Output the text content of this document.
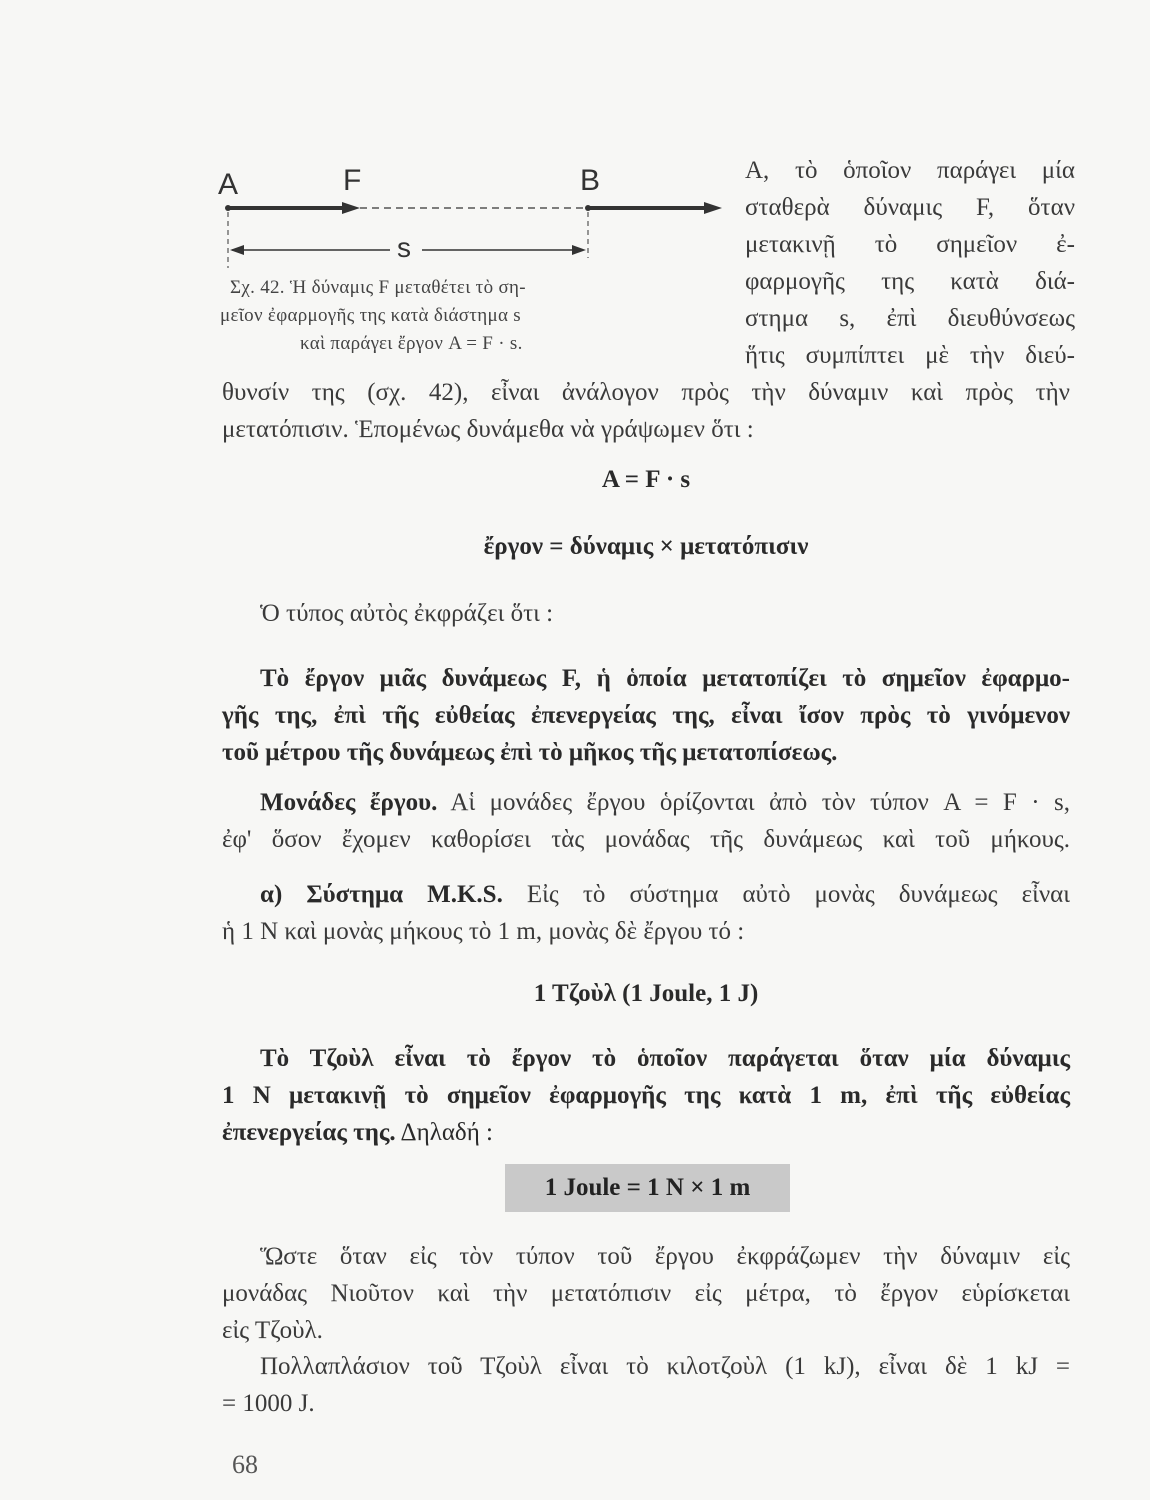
A	F	B
s
Σχ. 42. Ἡ δύναμις F μεταθέτει τὸ ση-
μεῖον ἐφαρμογῆς της κατὰ διάστημα s
καὶ παράγει ἔργον A = F · s.
A, τὸ ὁποῖον παράγει μία
σταθερὰ δύναμις F, ὅταν
μετακινῇ τὸ σημεῖον ἐ-
φαρμογῆς της κατὰ διά-
στημα s, ἐπὶ διευθύνσεως
ἥτις συμπίπτει μὲ τὴν διεύ-
θυνσίν της (σχ. 42), εἶναι ἀνάλογον πρὸς τὴν δύναμιν καὶ πρὸς τὴν
μετατόπισιν. Ἑπομένως δυνάμεθα νὰ γράψωμεν ὅτι :
A = F · s
ἔργον = δύναμις × μετατόπισιν
Ὁ τύπος αὐτὸς ἐκφράζει ὅτι :
Τὸ ἔργον μιᾶς δυνάμεως F, ἡ ὁποία μετατοπίζει τὸ σημεῖον ἐφαρμο-
γῆς της, ἐπὶ τῆς εὐθείας ἐπενεργείας της, εἶναι ἴσον πρὸς τὸ γινόμενον
τοῦ μέτρου τῆς δυνάμεως ἐπὶ τὸ μῆκος τῆς μετατοπίσεως.
Μονάδες ἔργου. Αἱ μονάδες ἔργου ὁρίζονται ἀπὸ τὸν τύπον A = F · s,
ἐφ' ὅσον ἔχομεν καθορίσει τὰς μονάδας τῆς δυνάμεως καὶ τοῦ μήκους.
α) Σύστημα M.K.S. Εἰς τὸ σύστημα αὐτὸ μονὰς δυνάμεως εἶναι
ἡ 1 N καὶ μονὰς μήκους τὸ 1 m, μονὰς δὲ ἔργου τό :
1 Τζοὺλ (1 Joule, 1 J)
Τὸ Τζοὺλ εἶναι τὸ ἔργον τὸ ὁποῖον παράγεται ὅταν μία δύναμις
1 N μετακινῇ τὸ σημεῖον ἐφαρμογῆς της κατὰ 1 m, ἐπὶ τῆς εὐθείας
ἐπενεργείας της. Δηλαδή :
1 Joule = 1 N × 1 m
Ὥστε ὅταν εἰς τὸν τύπον τοῦ ἔργου ἐκφράζωμεν τὴν δύναμιν εἰς
μονάδας Νιοῦτον καὶ τὴν μετατόπισιν εἰς μέτρα, τὸ ἔργον εὑρίσκεται
εἰς Τζοὺλ.
Πολλαπλάσιον τοῦ Τζοὺλ εἶναι τὸ κιλοτζοὺλ (1 kJ), εἶναι δὲ 1 kJ =
= 1000 J.
68
